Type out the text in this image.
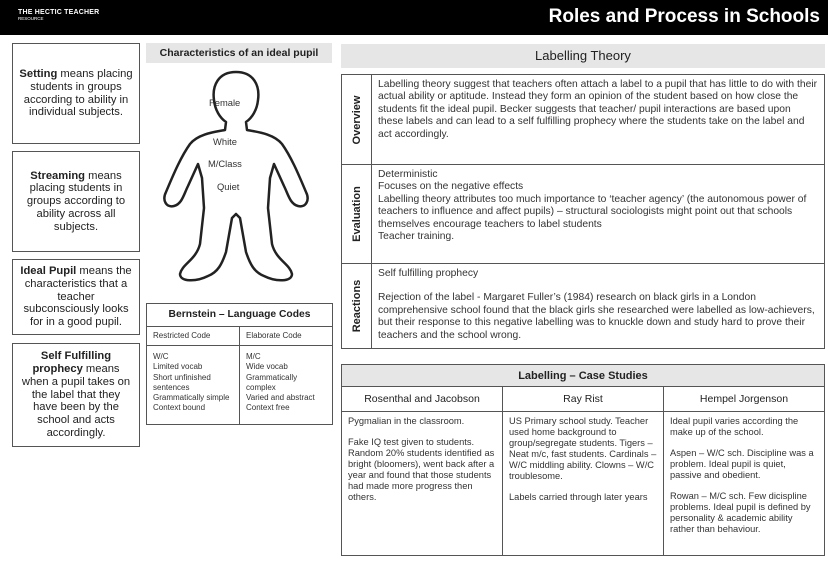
THE HECTIC TEACHER
RESOURCE	Roles and Process in Schools
Setting means placing students in groups according to ability in individual subjects.
Streaming means placing students in groups according to ability across all subjects.
Ideal Pupil means the characteristics that a teacher subconsciously looks for in a good pupil.
Self Fulfilling prophecy means when a pupil takes on the label that they have been by the school and acts accordingly.
Characteristics of an ideal pupil
Female
White
M/Class
Quiet
Bernstein – Language Codes
Restricted Code
W/C
Limited vocab
Short unfinished sentences
Grammatically simple
Context bound
Elaborate Code
M/C
Wide vocab
Grammatically complex
Varied and abstract
Context free
Labelling Theory
Overview
Labelling theory suggest that teachers often attach a label to a pupil that has little to do with their actual ability or aptitude. Instead they form an opinion of the student based on how close the students fit the ideal pupil. Becker suggests that teacher/ pupil interactions are based upon these labels and can lead to a self fulfilling prophecy where the students take on the label and act accordingly.
Evaluation
Deterministic
Focuses on the negative effects
Labelling theory attributes too much importance to ‘teacher agency’ (the autonomous power of teachers to influence and affect pupils) – structural sociologists might point out that schools themselves encourage teachers to label students
Teacher training.
Reactions
Self fulfilling prophecy
Rejection of the label - Margaret Fuller’s (1984) research on black girls in a London comprehensive school found that the black girls she researched were labelled as low-achievers, but their response to this negative labelling was to knuckle down and study hard to prove their teachers and the school wrong.
Labelling – Case Studies
Rosenthal and Jacobson

Pygmalian in the classroom.

Fake IQ test given to students. Random 20% students identified as bright (bloomers), went back after a year and found that those students had made more progress then others.

Ray Rist

US Primary school study. Teacher used home background to group/segregate students. Tigers – Neat m/c, fast students. Cardinals – W/C middling ability. Clowns – W/C troublesome.

Labels carried through later years

Hempel Jorgenson

Ideal pupil varies according the make up of the school.

Aspen – W/C sch. Discipline was a problem. Ideal pupil is quiet, passive and obedient.

Rowan – M/C sch. Few dicispline problems. Ideal pupil is defined by personality & academic ability rather than behaviour.
